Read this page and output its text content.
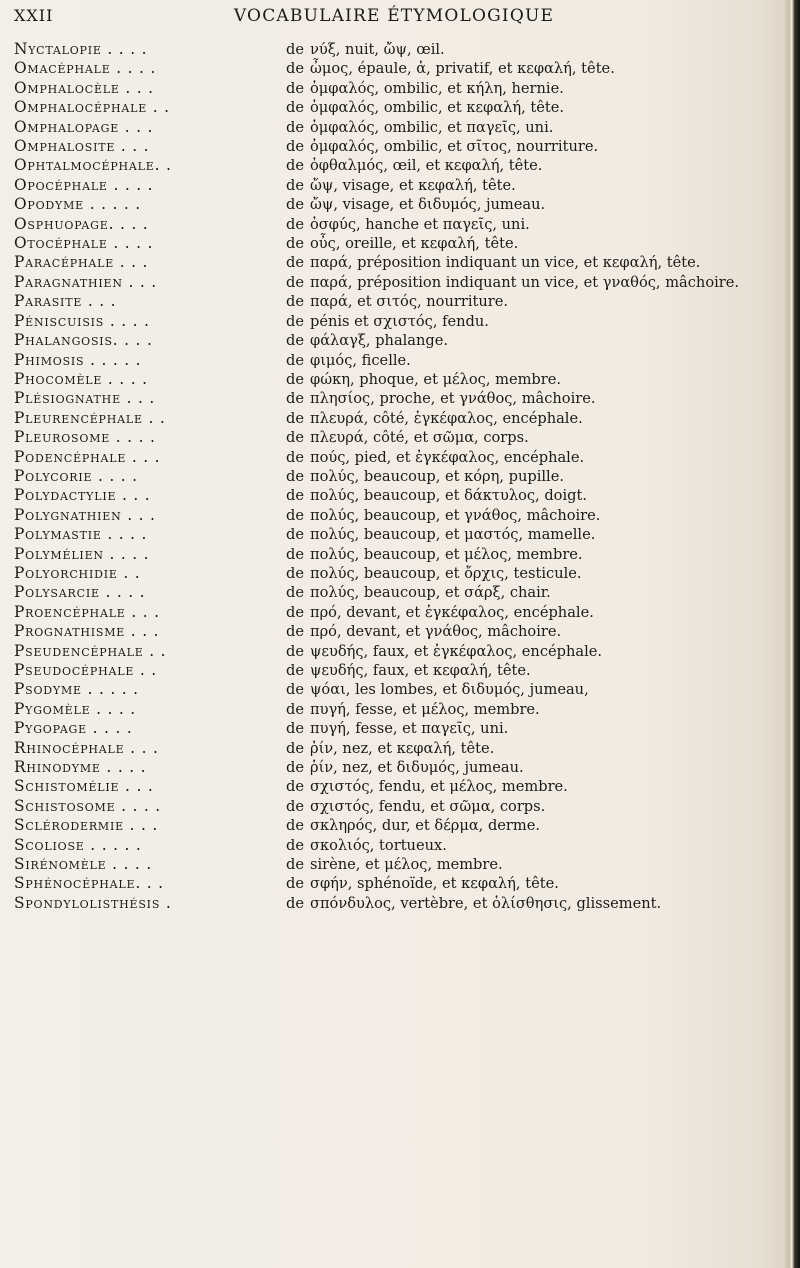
XXII	VOCABULAIRE ÉTYMOLOGIQUE
Nyctalopie . . . .	de νύξ, nuit, ὤψ, œil.
Omacéphale . . . .	de ὦμος, épaule, ἀ, privatif, et κεφαλή, tête.
Omphalocèle . . .	de ὀμφαλός, ombilic, et κήλη, hernie.
Omphalocéphale . .	de ὀμφαλός, ombilic, et κεφαλή, tête.
Omphalopage . . .	de ὀμφαλός, ombilic, et παγεῖς, uni.
Omphalosite . . .	de ὀμφαλός, ombilic, et σῖτος, nourriture.
Ophtalmocéphale. .	de ὀφθαλμός, œil, et κεφαλή, tête.
Opocéphale . . . .	de ὤψ, visage, et κεφαλή, tête.
Opodyme . . . . .	de ὤψ, visage, et διδυμός, jumeau.
Osphuopage. . . .	de ὀσφύς, hanche et παγεῖς, uni.
Otocéphale . . . .	de οὖς, oreille, et κεφαλή, tête.
Paracéphale . . .	de παρά, préposition indiquant un vice, et κεφαλή, tête.
Paragnathien . . .	de παρά, préposition indiquant un vice, et γναθός, mâchoire.
Parasite . . .	de παρά, et σιτός, nourriture.
Péniscuisis . . . .	de pénis et σχιστός, fendu.
Phalangosis. . . .	de φάλαγξ, phalange.
Phimosis . . . . .	de φιμός, ficelle.
Phocomèle . . . .	de φώκη, phoque, et μέλος, membre.
Plésiognathe . . .	de πλησίος, proche, et γνάθος, mâchoire.
Pleurencéphale . .	de πλευρά, côté, ἐγκέφαλος, encéphale.
Pleurosome . . . .	de πλευρά, côté, et σῶμα, corps.
Podencéphale . . .	de πούς, pied, et ἐγκέφαλος, encéphale.
Polycorie . . . .	de πολύς, beaucoup, et κόρη, pupille.
Polydactylie . . .	de πολύς, beaucoup, et δάκτυλος, doigt.
Polygnathien . . .	de πολύς, beaucoup, et γνάθος, mâchoire.
Polymastie . . . .	de πολύς, beaucoup, et μαστός, mamelle.
Polymélien . . . .	de πολύς, beaucoup, et μέλος, membre.
Polyorchidie . .	de πολύς, beaucoup, et ὄρχις, testicule.
Polysarcie . . . .	de πολύς, beaucoup, et σάρξ, chair.
Proencéphale . . .	de πρό, devant, et ἐγκέφαλος, encéphale.
Prognathisme . . .	de πρό, devant, et γνάθος, mâchoire.
Pseudencéphale . .	de ψευδής, faux, et ἐγκέφαλος, encéphale.
Pseudocéphale . .	de ψευδής, faux, et κεφαλή, tête.
Psodyme . . . . .	de ψόαι, les lombes, et διδυμός, jumeau,
Pygomèle . . . .	de πυγή, fesse, et μέλος, membre.
Pygopage . . . .	de πυγή, fesse, et παγεῖς, uni.
Rhinocéphale . . .	de ῥίν, nez, et κεφαλή, tête.
Rhinodyme . . . .	de ῥίν, nez, et διδυμός, jumeau.
Schistomélie . . .	de σχιστός, fendu, et μέλος, membre.
Schistosome . . . .	de σχιστός, fendu, et σῶμα, corps.
Sclérodermie . . .	de σκληρός, dur, et δέρμα, derme.
Scoliose . . . . .	de σκολιός, tortueux.
Sirénomèle . . . .	de sirène, et μέλος, membre.
Sphénocéphale. . .	de σφήν, sphénoïde, et κεφαλή, tête.
Spondylolisthésis .	de σπόνδυλος, vertèbre, et ὀλίσθησις, glissement.
